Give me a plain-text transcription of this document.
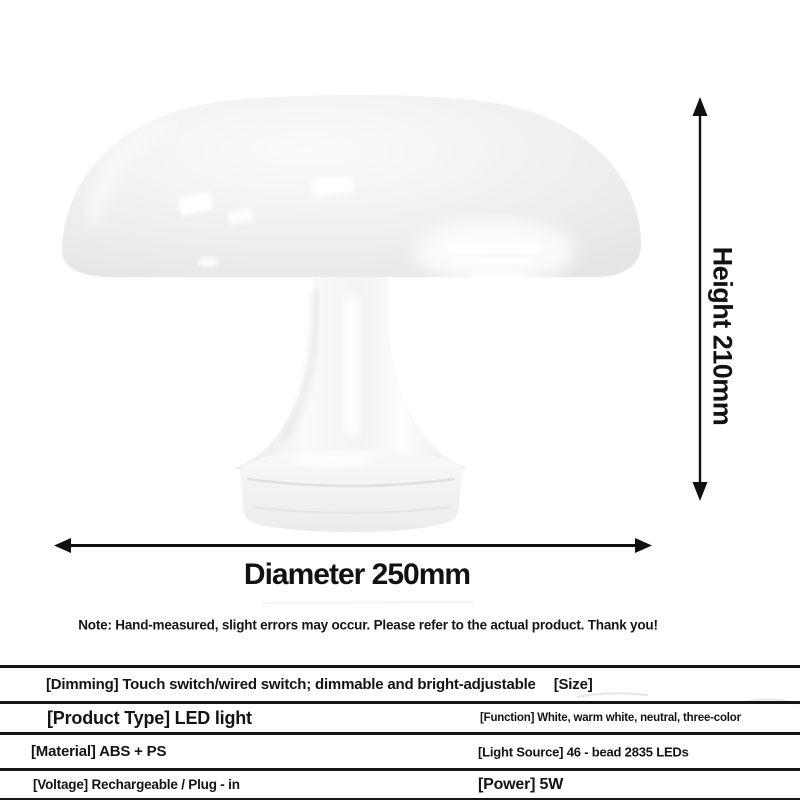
Height 210mm
Diameter 250mm
Note: Hand-measured, slight errors may occur. Please refer to the actual product. Thank you!
[Dimming] Touch switch/wired switch; dimmable and bright-adjustable [Size]
[Product Type] LED light	[Function] White, warm white, neutral, three-color
[Material] ABS + PS	[Light Source] 46 - bead 2835 LEDs
[Voltage] Rechargeable / Plug - in	[Power] 5W
